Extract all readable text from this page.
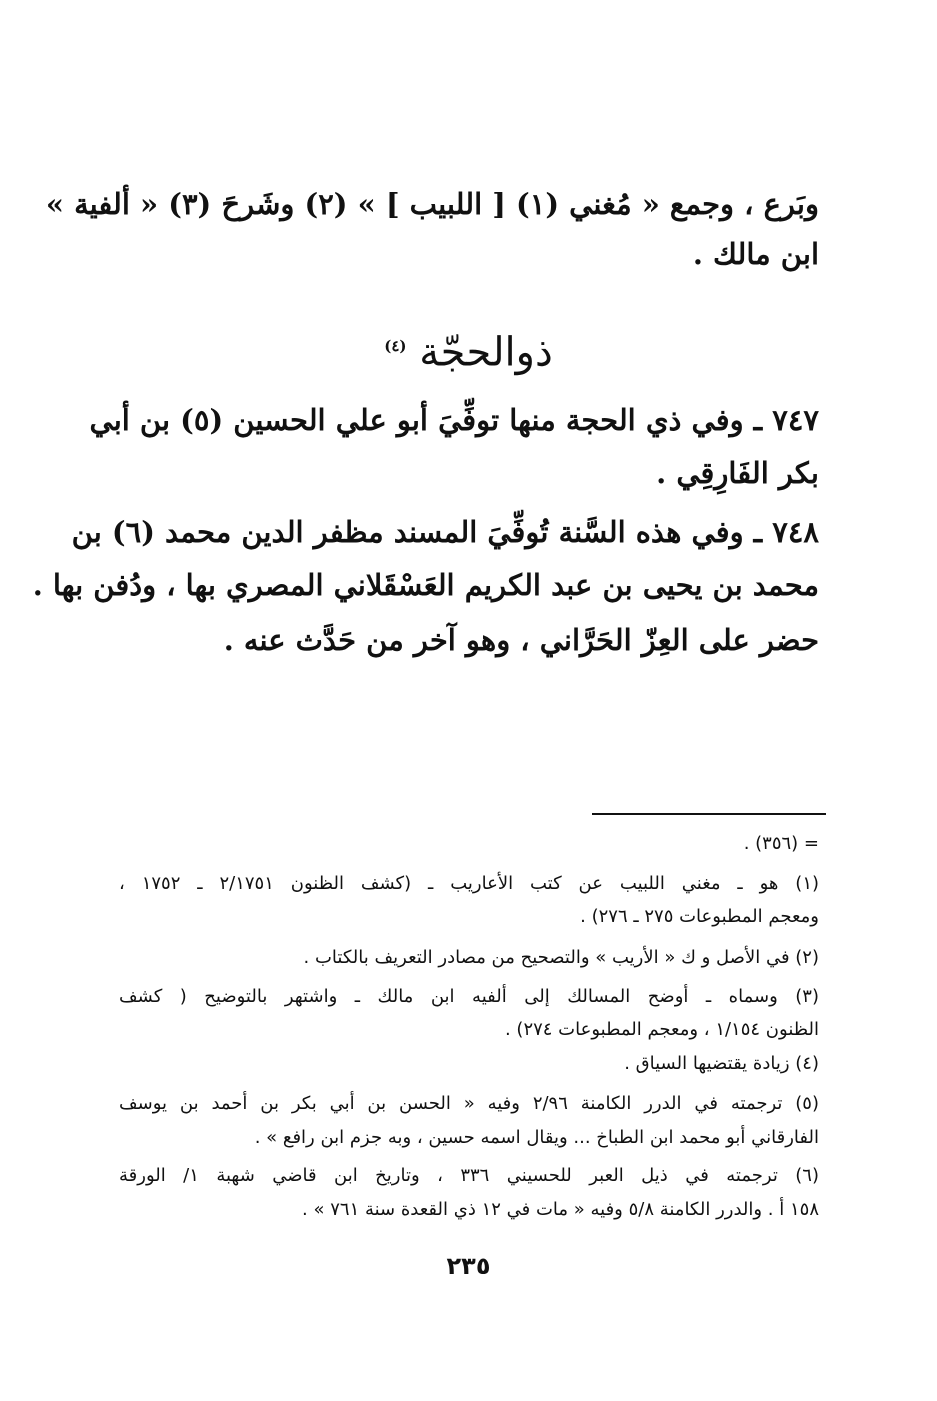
وبَرع ، وجمع « مُغني (١) [ اللبيب ] » (٢) وشَرحَ (٣) « ألفية »
ابن مالك .
ذوالحجّة $^{(٤)}$
٧٤٧ ـ وفي ذي الحجة منها توفِّيَ أبو علي الحسين (٥) بن أبي
بكر الفَارِقِي .
٧٤٨ ـ وفي هذه السَّنة تُوفِّيَ المسند مظفر الدين محمد (٦) بن
محمد بن يحيى بن عبد الكريم العَسْقَلاني المصري بها ، ودُفن بها .
حضر على العِزّ الحَرَّاني ، وهو آخر من حَدَّث عنه .
= (٣٥٦) .
(١) هو ـ مغني اللبيب عن كتب الأعاريب ـ (كشف الظنون ٢/١٧٥١ ـ ١٧٥٢ ،
ومعجم المطبوعات ٢٧٥ ـ ٢٧٦) .
(٢) في الأصل و ك « الأريب » والتصحيح من مصادر التعريف بالكتاب .
(٣) وسماه ـ أوضح المسالك إلى ألفيه ابن مالك ـ واشتهر بالتوضيح ( كشف
الظنون ١/١٥٤ ، ومعجم المطبوعات ٢٧٤) .
(٤) زيادة يقتضيها السياق .
(٥) ترجمته في الدرر الكامنة ٢/٩٦ وفيه « الحسن بن أبي بكر بن أحمد بن يوسف
الفارقاني أبو محمد ابن الطباخ ... ويقال اسمه حسين ، وبه جزم ابن رافع » .
(٦) ترجمته في ذيل العبر للحسيني ٣٣٦ ، وتاريخ ابن قاضي شهبة ١/ الورقة
١٥٨ أ . والدرر الكامنة ٥/٨ وفيه « مات في ١٢ ذي القعدة سنة ٧٦١ » .
٢٣٥
